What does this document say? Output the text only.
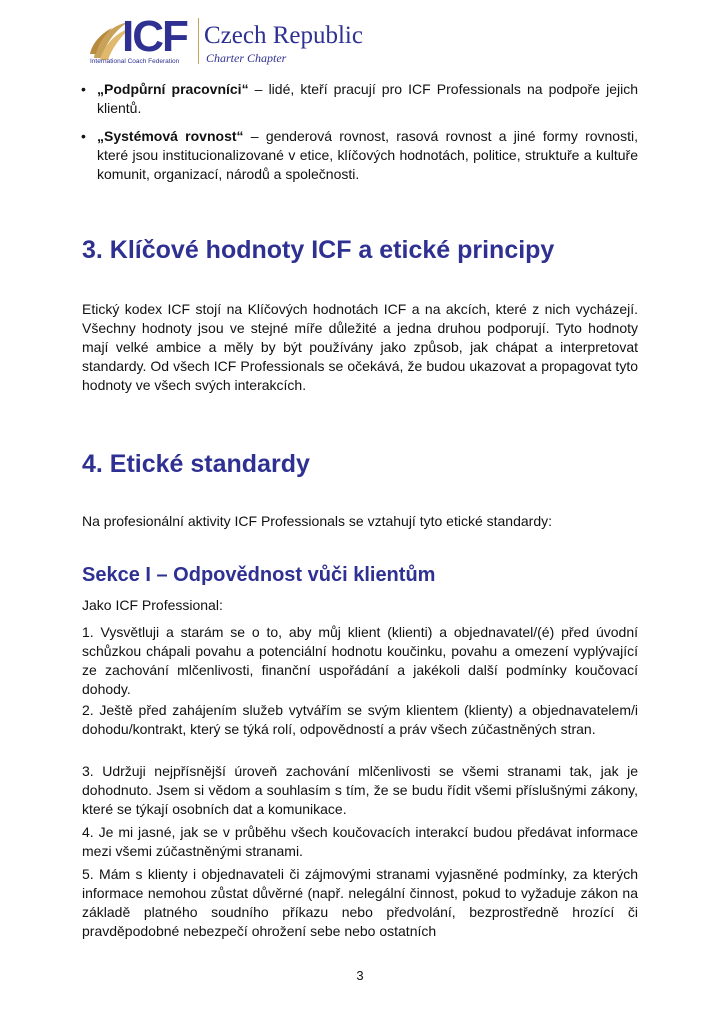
ICF
International Coach Federation
Czech Republic
Charter Chapter
• „Podpůrní pracovníci“ – lidé, kteří pracují pro ICF Professionals na podpoře jejich klientů.
• „Systémová rovnost“ – genderová rovnost, rasová rovnost a jiné formy rovnosti, které jsou institucionalizované v etice, klíčových hodnotách, politice, struktuře a kultuře komunit, organizací, národů a společnosti.
3. Klíčové hodnoty ICF a etické principy

Etický kodex ICF stojí na Klíčových hodnotách ICF a na akcích, které z nich vycházejí. Všechny hodnoty jsou ve stejné míře důležité a jedna druhou podporují. Tyto hodnoty mají velké ambice a měly by být používány jako způsob, jak chápat a interpretovat standardy. Od všech ICF Professionals se očekává, že budou ukazovat a propagovat tyto hodnoty ve všech svých interakcích.

4. Etické standardy

Na profesionální aktivity ICF Professionals se vztahují tyto etické standardy:

Sekce I – Odpovědnost vůči klientům

Jako ICF Professional:

1. Vysvětluji a starám se o to, aby můj klient (klienti) a objednavatel/(é) před úvodní schůzkou chápali povahu a potenciální hodnotu koučinku, povahu a omezení vyplývající ze zachování mlčenlivosti, finanční uspořádání a jakékoli další podmínky koučovací dohody.

2. Ještě před zahájením služeb vytvářím se svým klientem (klienty) a objednavatelem/i dohodu/kontrakt, který se týká rolí, odpovědností a práv všech zúčastněných stran.

3. Udržuji nejpřísnější úroveň zachování mlčenlivosti se všemi stranami tak, jak je dohodnuto. Jsem si vědom a souhlasím s tím, že se budu řídit všemi příslušnými zákony, které se týkají osobních dat a komunikace.

4. Je mi jasné, jak se v průběhu všech koučovacích interakcí budou předávat informace mezi všemi zúčastněnými stranami.

5. Mám s klienty i objednavateli či zájmovými stranami vyjasněné podmínky, za kterých informace nemohou zůstat důvěrné (např. nelegální činnost, pokud to vyžaduje zákon na základě platného soudního příkazu nebo předvolání, bezprostředně hrozící či pravděpodobné nebezpečí ohrožení sebe nebo ostatních

3
